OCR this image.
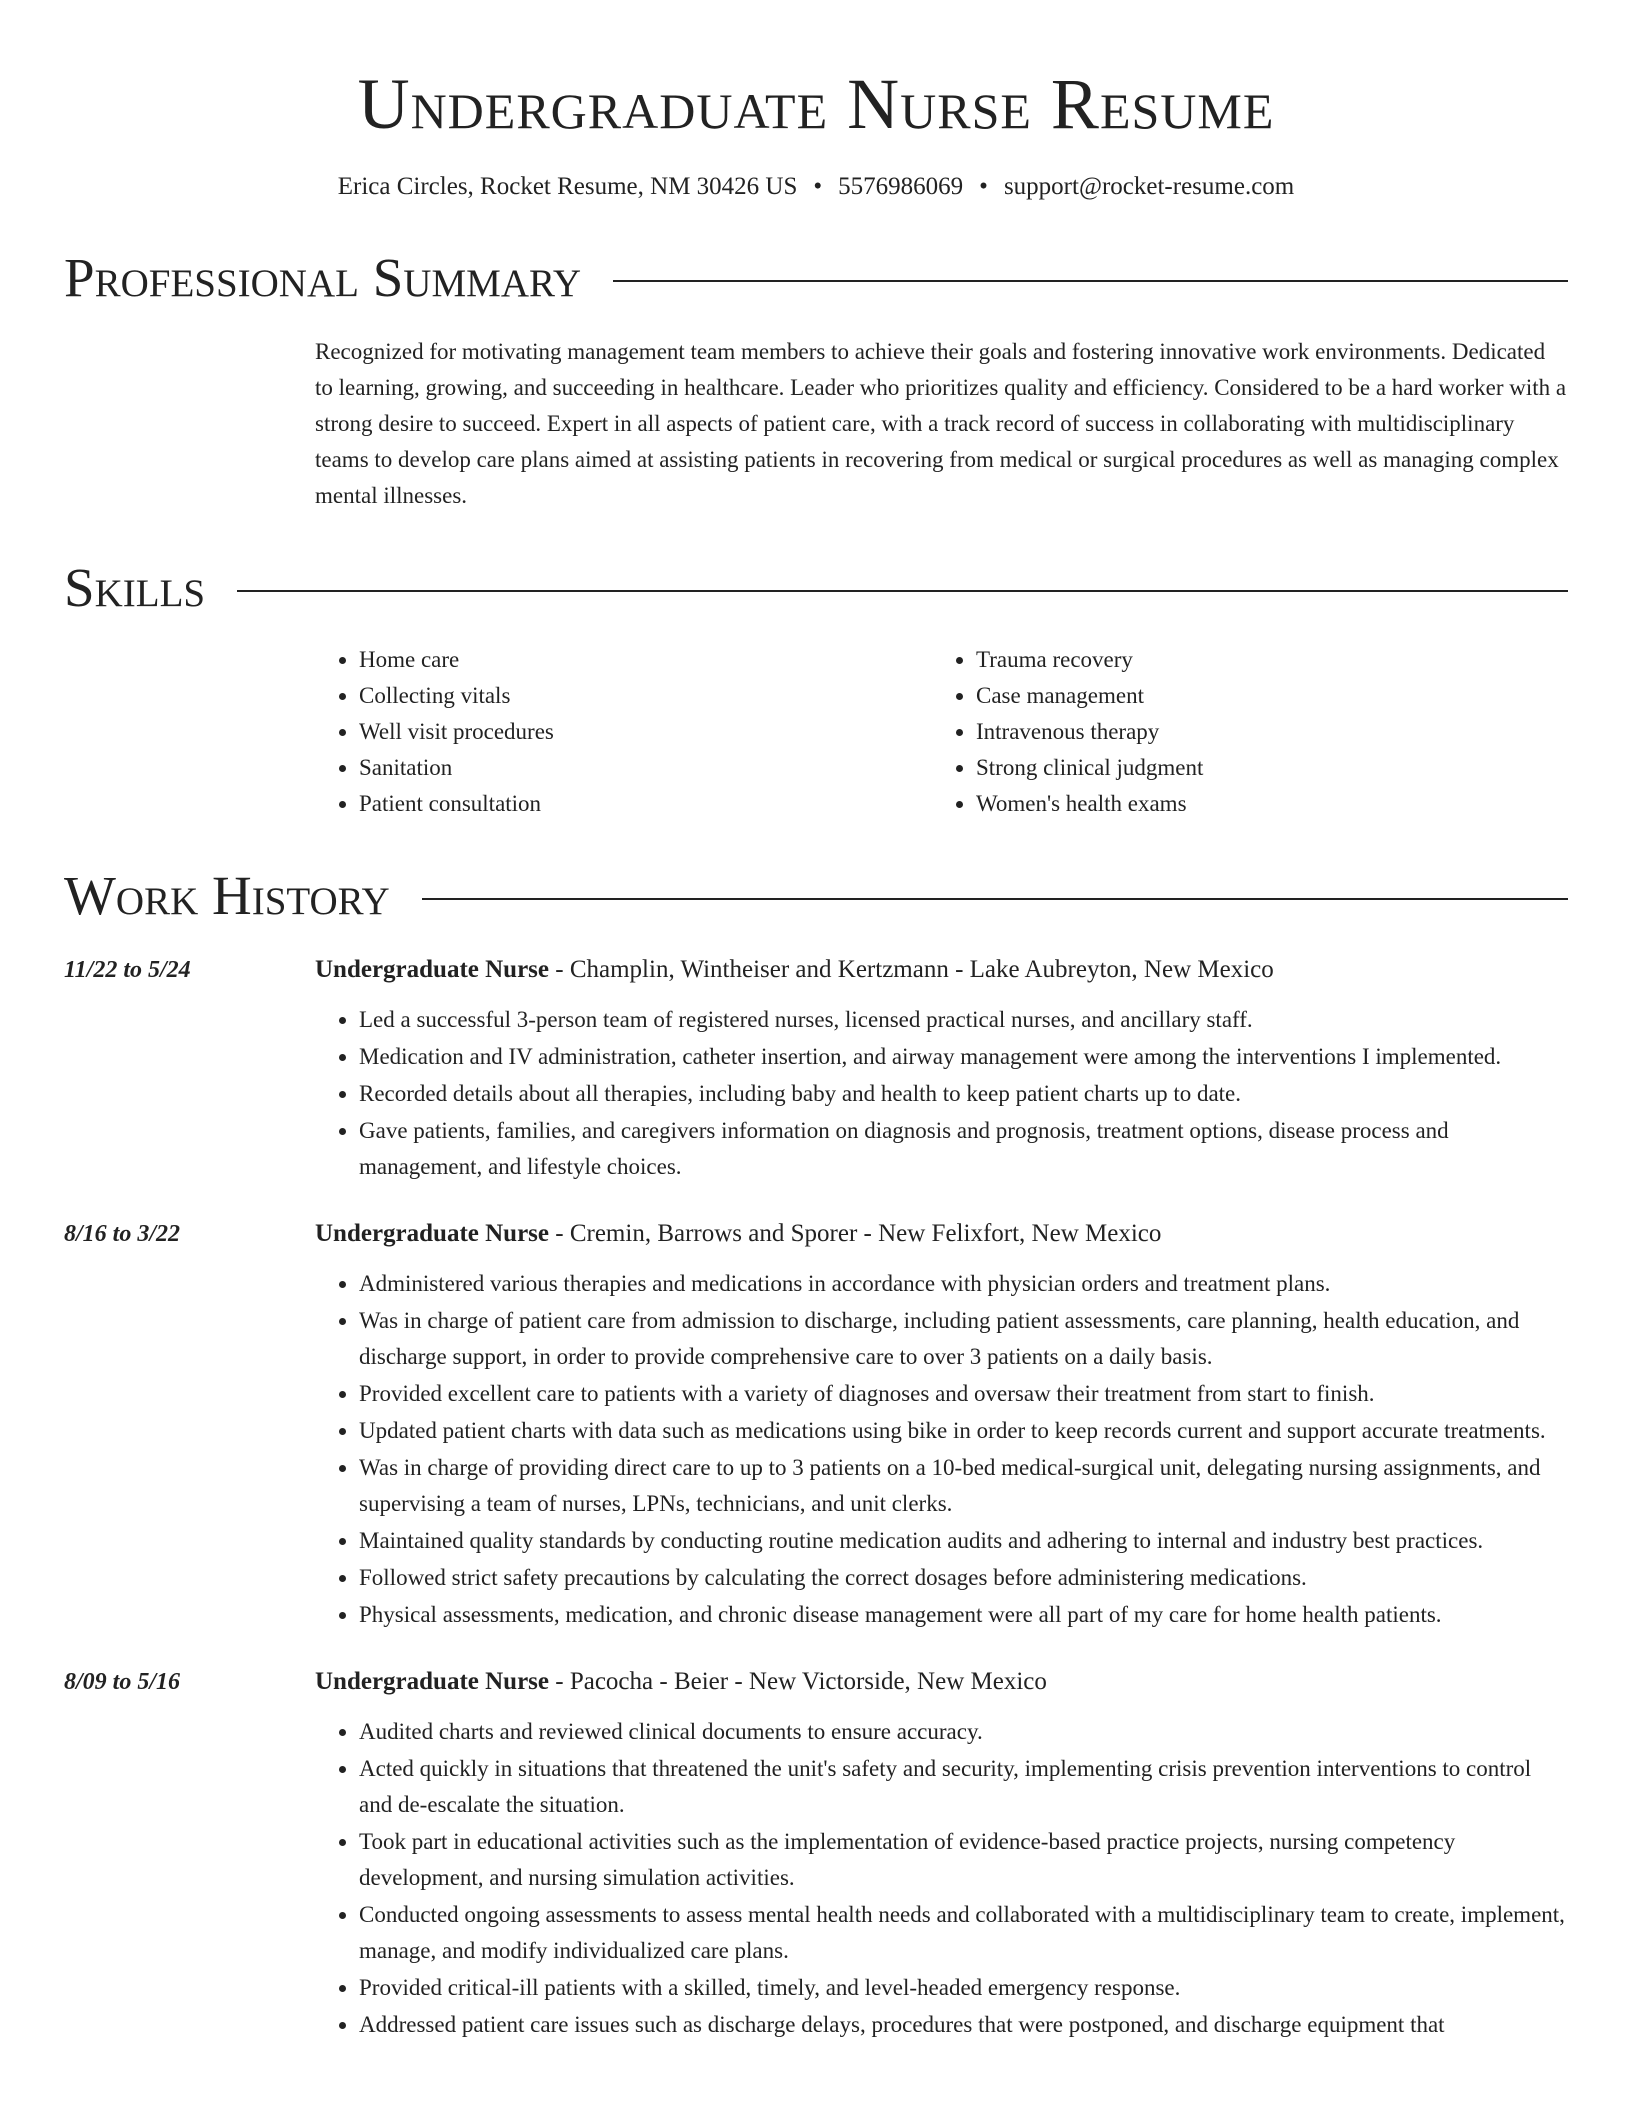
Undergraduate Nurse Resume
Erica Circles, Rocket Resume, NM 30426 US • 5576986069 • support@rocket-resume.com
Professional Summary
Recognized for motivating management team members to achieve their goals and fostering innovative work environments. Dedicated to learning, growing, and succeeding in healthcare. Leader who prioritizes quality and efficiency. Considered to be a hard worker with a strong desire to succeed. Expert in all aspects of patient care, with a track record of success in collaborating with multidisciplinary teams to develop care plans aimed at assisting patients in recovering from medical or surgical procedures as well as managing complex mental illnesses.
Skills
• Home care
• Collecting vitals
• Well visit procedures
• Sanitation
• Patient consultation
• Trauma recovery
• Case management
• Intravenous therapy
• Strong clinical judgment
• Women's health exams
Work History
11/22 to 5/24	Undergraduate Nurse - Champlin, Wintheiser and Kertzmann - Lake Aubreyton, New Mexico
• Led a successful 3-person team of registered nurses, licensed practical nurses, and ancillary staff.
• Medication and IV administration, catheter insertion, and airway management were among the interventions I implemented.
• Recorded details about all therapies, including baby and health to keep patient charts up to date.
• Gave patients, families, and caregivers information on diagnosis and prognosis, treatment options, disease process and management, and lifestyle choices.
8/16 to 3/22	Undergraduate Nurse - Cremin, Barrows and Sporer - New Felixfort, New Mexico
• Administered various therapies and medications in accordance with physician orders and treatment plans.
• Was in charge of patient care from admission to discharge, including patient assessments, care planning, health education, and discharge support, in order to provide comprehensive care to over 3 patients on a daily basis.
• Provided excellent care to patients with a variety of diagnoses and oversaw their treatment from start to finish.
• Updated patient charts with data such as medications using bike in order to keep records current and support accurate treatments.
• Was in charge of providing direct care to up to 3 patients on a 10-bed medical-surgical unit, delegating nursing assignments, and supervising a team of nurses, LPNs, technicians, and unit clerks.
• Maintained quality standards by conducting routine medication audits and adhering to internal and industry best practices.
• Followed strict safety precautions by calculating the correct dosages before administering medications.
• Physical assessments, medication, and chronic disease management were all part of my care for home health patients.
8/09 to 5/16	Undergraduate Nurse - Pacocha - Beier - New Victorside, New Mexico
• Audited charts and reviewed clinical documents to ensure accuracy.
• Acted quickly in situations that threatened the unit's safety and security, implementing crisis prevention interventions to control and de-escalate the situation.
• Took part in educational activities such as the implementation of evidence-based practice projects, nursing competency development, and nursing simulation activities.
• Conducted ongoing assessments to assess mental health needs and collaborated with a multidisciplinary team to create, implement, manage, and modify individualized care plans.
• Provided critical-ill patients with a skilled, timely, and level-headed emergency response.
• Addressed patient care issues such as discharge delays, procedures that were postponed, and discharge equipment that
